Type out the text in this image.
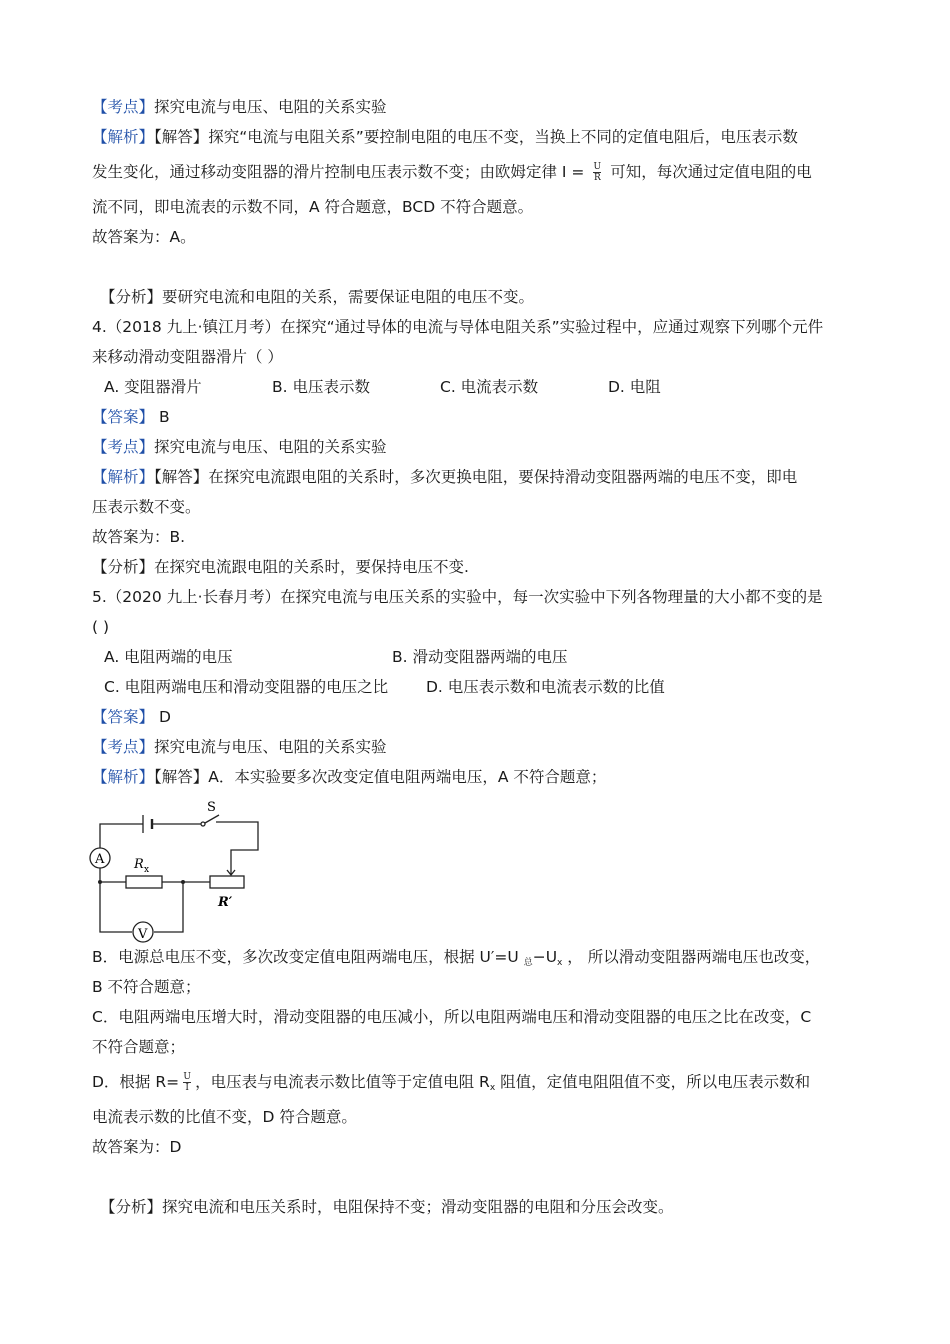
【考点】探究电流与电压、电阻的关系实验
【解析】【解答】探究“电流与电阻关系”要控制电阻的电压不变，当换上不同的定值电阻后，电压表示数
发生变化，通过移动变阻器的滑片控制电压表示数不变；由欧姆定律 $I = \frac{U}{R}$ 可知，每次通过定值电阻的电
流不同，即电流表的示数不同，A 符合题意，BCD 不符合题意。
故答案为：A。
【分析】要研究电流和电阻的关系，需要保证电阻的电压不变。
4.（2018 九上·镇江月考）在探究“通过导体的电流与导体电阻关系”实验过程中，应通过观察下列哪个元件
来移动滑动变阻器滑片（ ）
A. 变阻器滑片	B. 电压表示数	C. 电流表示数	D. 电阻
【答案】 B
【考点】探究电流与电压、电阻的关系实验
【解析】【解答】在探究电流跟电阻的关系时，多次更换电阻，要保持滑动变阻器两端的电压不变，即电
压表示数不变。
故答案为：B.
【分析】在探究电流跟电阻的关系时，要保持电压不变.
5.（2020 九上·长春月考）在探究电流与电压关系的实验中，每一次实验中下列各物理量的大小都不变的是
( )
A. 电阻两端的电压	B. 滑动变阻器两端的电压
C. 电阻两端电压和滑动变阻器的电压之比 D. 电压表示数和电流表示数的比值
【答案】 D
【考点】探究电流与电压、电阻的关系实验
【解析】【解答】A．本实验要多次改变定值电阻两端电压，A 不符合题意；
S
A
V
R x
R′
B．电源总电压不变，多次改变定值电阻两端电压，根据 U′=U $_总-U_x$ ， 所以滑动变阻器两端电压也改变，
B 不符合题意；
C．电阻两端电压增大时，滑动变阻器的电压减小，所以电阻两端电压和滑动变阻器的电压之比在改变，C
不符合题意；
D．根据 $R= \frac{U}{I}$ ，电压表与电流表示数比值等于定值电阻 $R_x$ 阻值，定值电阻阻值不变，所以电压表示数和
电流表示数的比值不变，D 符合题意。
故答案为：D
【分析】探究电流和电压关系时，电阻保持不变；滑动变阻器的电阻和分压会改变。
